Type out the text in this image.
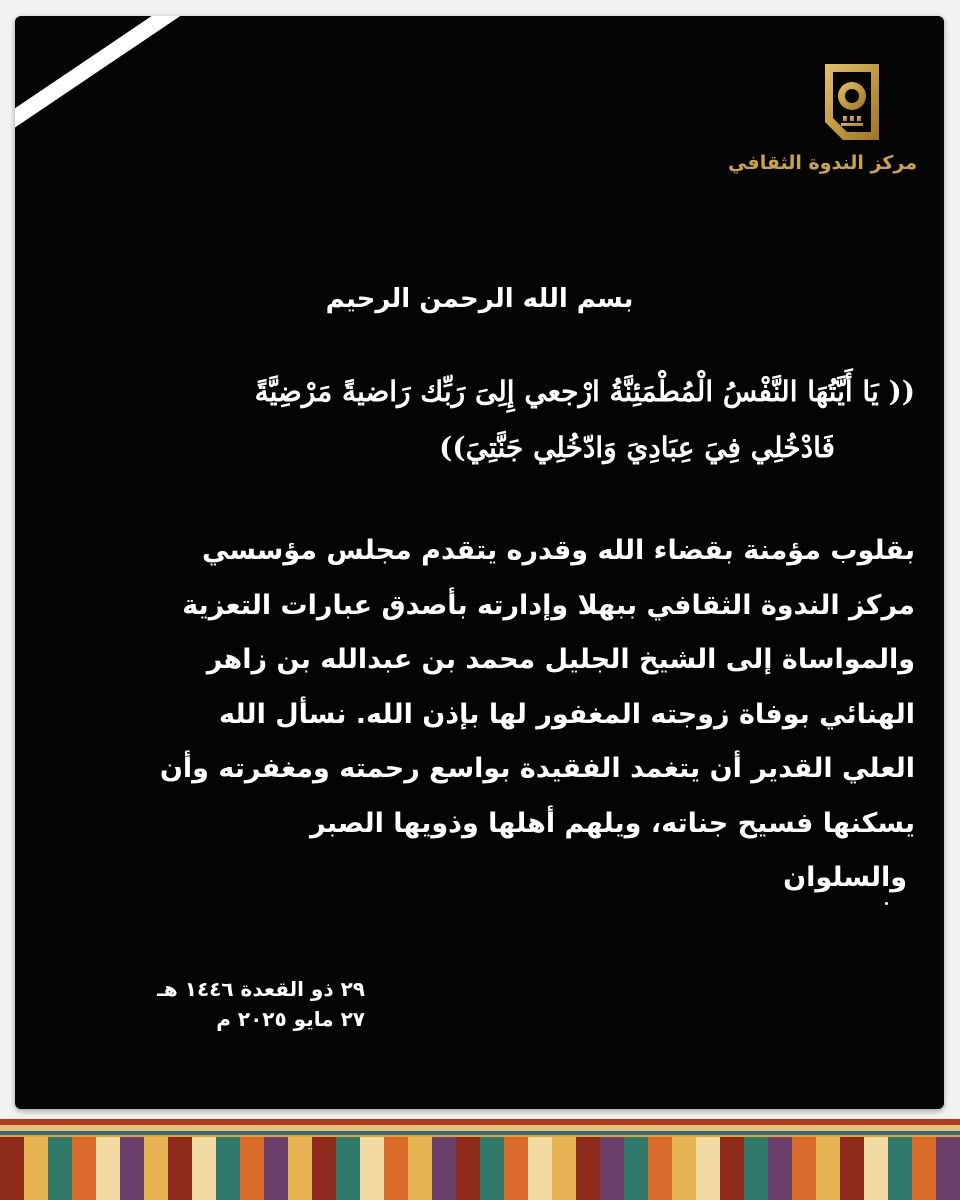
مركز الندوة الثقافي
بسم الله الرحمن الرحيم
(( يَا أَيَّتُهَا النَّفْسُ الْمُطْمَئِنَّةُ ارْجعي إِلِىَ رَبِّك رَاضيةً مَرْضِيَّةً
فَادْخُلِي فِيَ عِبَادِيَ وَادّخُلِي جَنَّتِيَ))
بقلوب مؤمنة بقضاء الله وقدره يتقدم مجلس مؤسسي
مركز الندوة الثقافي ببهلا وإدارته بأصدق عبارات التعزية
والمواساة إلى الشيخ الجليل محمد بن عبدالله بن زاهر
الهنائي بوفاة زوجته المغفور لها بإذن الله. نسأل الله
العلي القدير أن يتغمد الفقيدة بواسع رحمته ومغفرته وأن
يسكنها فسيح جناته، ويلهم أهلها وذويها الصبر
والسلوان
٢٩ ذو القعدة ١٤٤٦ هـ
٢٧ مايو ٢٠٢٥ م
